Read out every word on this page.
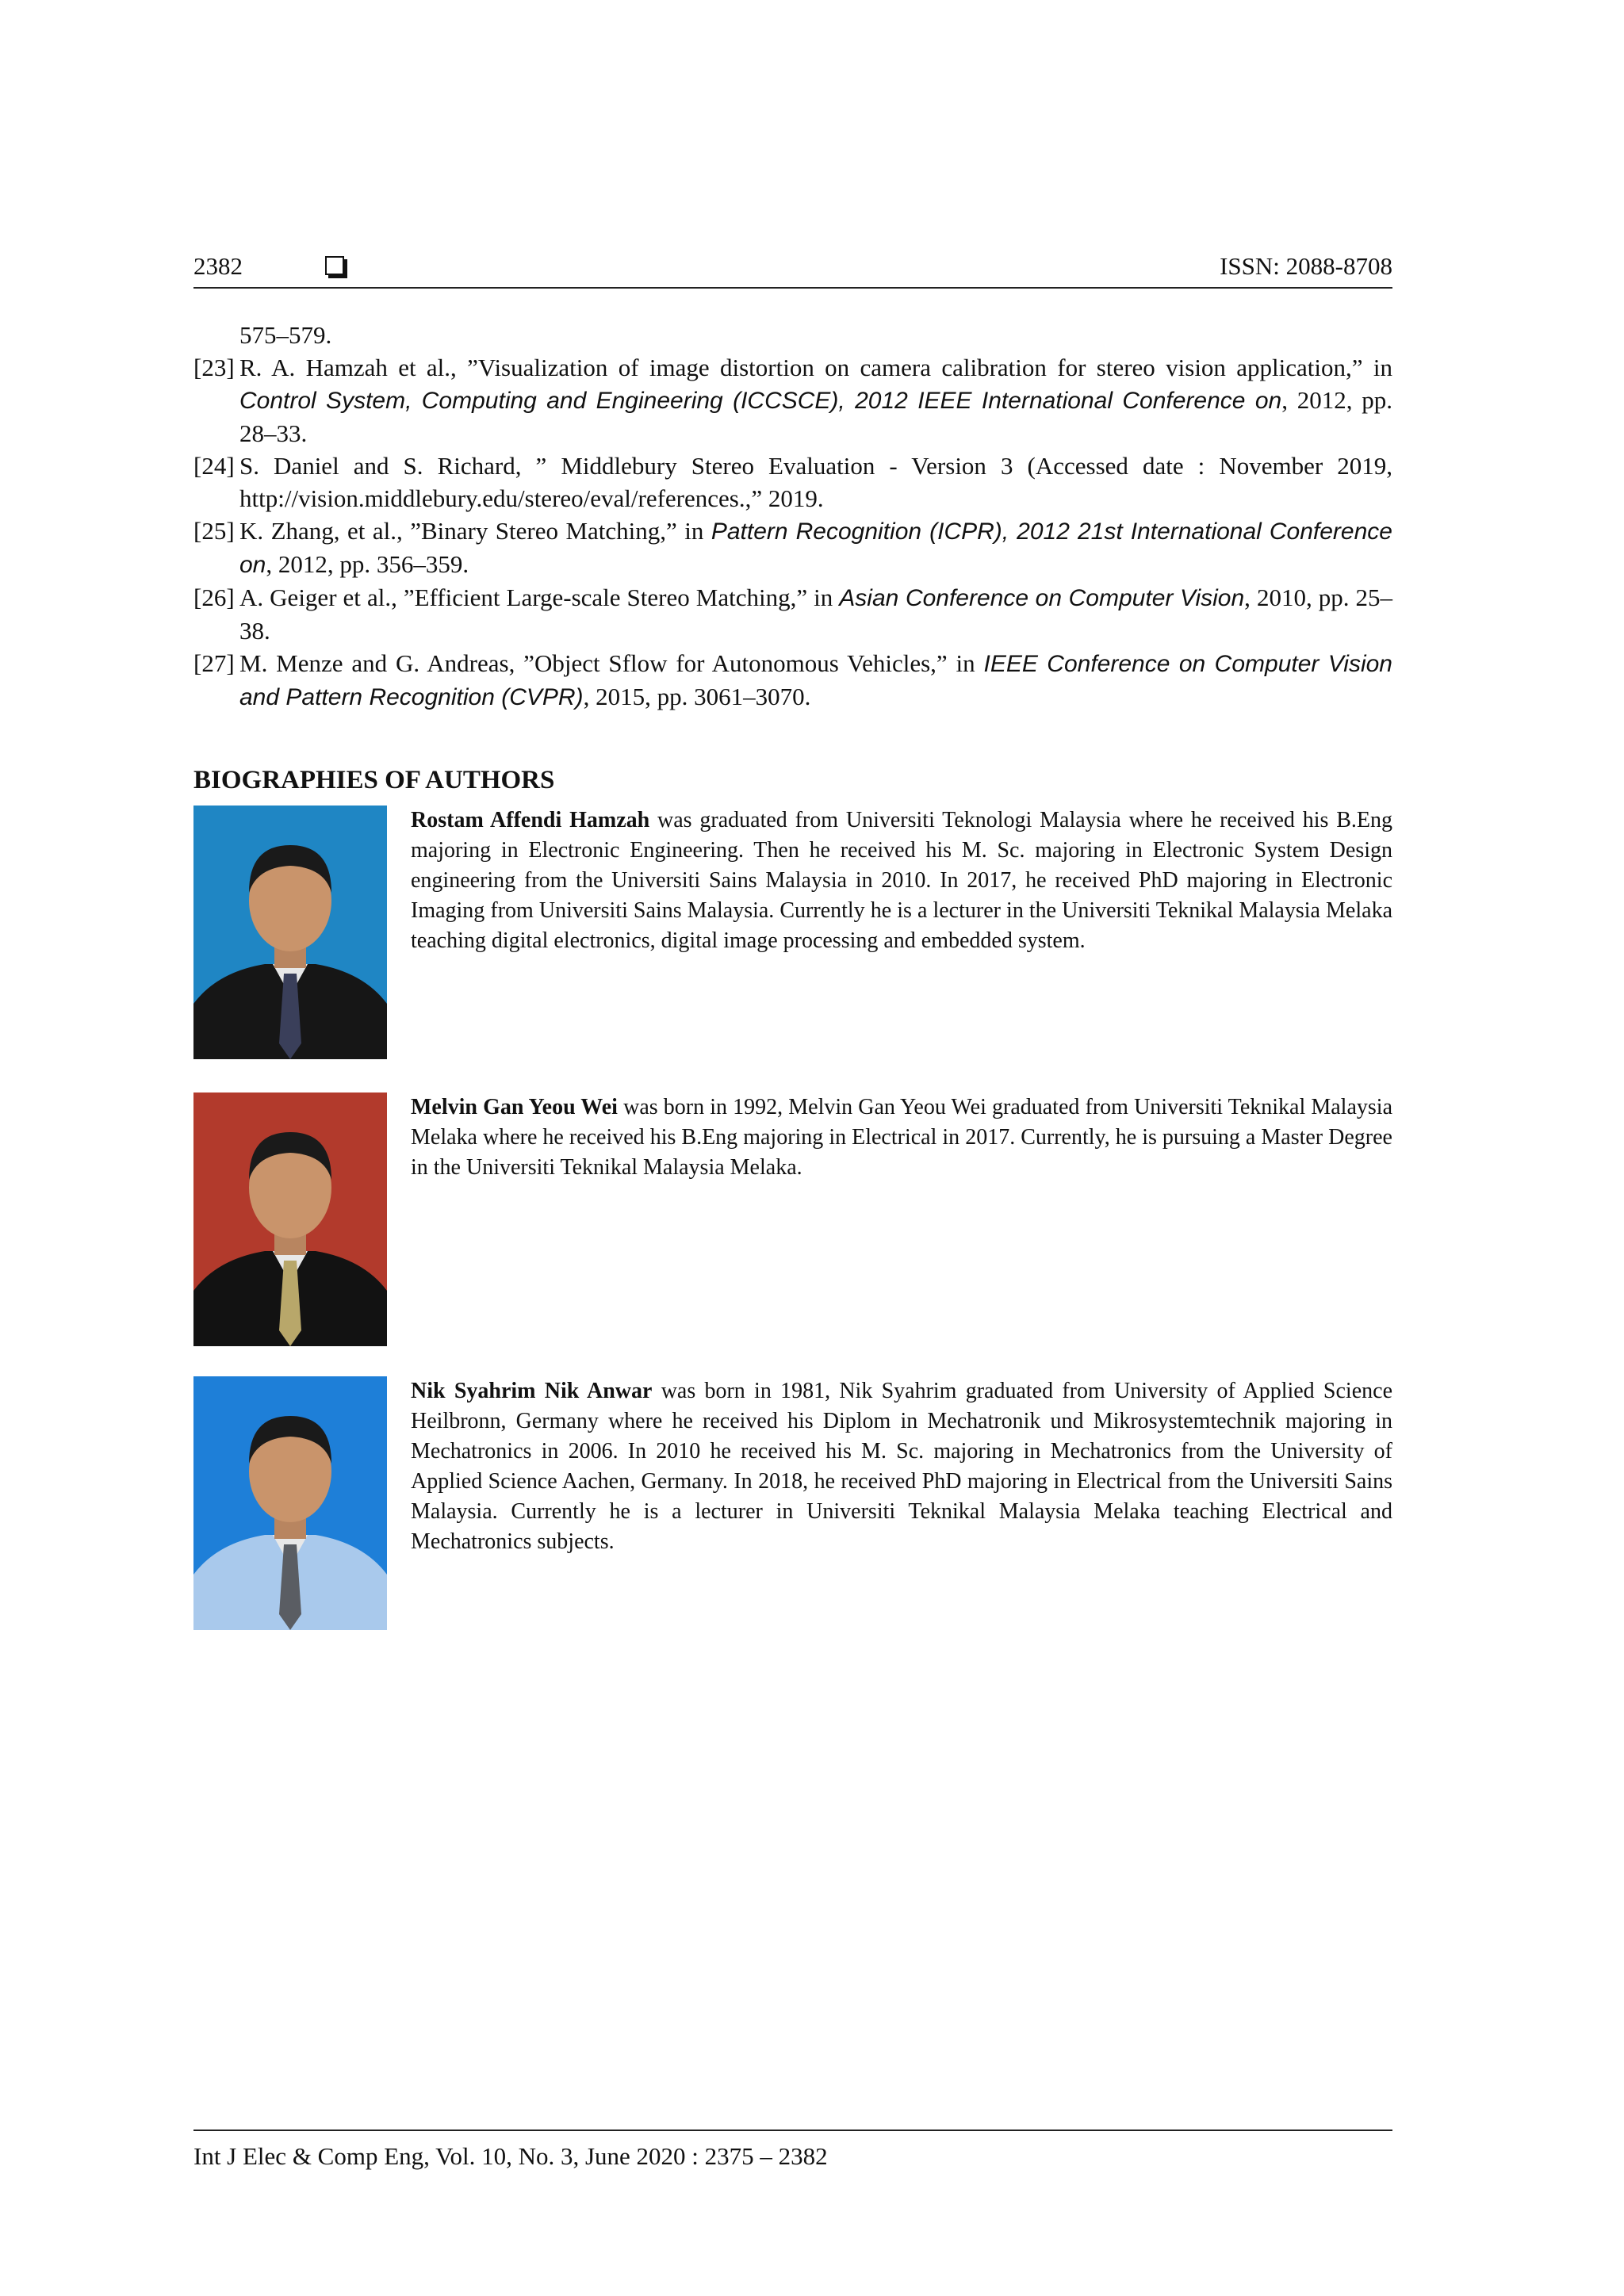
2382	ISSN: 2088-8708
575–579.
[23] R. A. Hamzah et al., ”Visualization of image distortion on camera calibration for stereo vision application,” in Control System, Computing and Engineering (ICCSCE), 2012 IEEE International Conference on, 2012, pp. 28–33.
[24] S. Daniel and S. Richard, ” Middlebury Stereo Evaluation - Version 3 (Accessed date : November 2019, http://vision.middlebury.edu/stereo/eval/references.,” 2019.
[25] K. Zhang, et al., ”Binary Stereo Matching,” in Pattern Recognition (ICPR), 2012 21st International Conference on, 2012, pp. 356–359.
[26] A. Geiger et al., ”Efficient Large-scale Stereo Matching,” in Asian Conference on Computer Vision, 2010, pp. 25–38.
[27] M. Menze and G. Andreas, ”Object Sflow for Autonomous Vehicles,” in IEEE Conference on Computer Vision and Pattern Recognition (CVPR), 2015, pp. 3061–3070.
BIOGRAPHIES OF AUTHORS
Rostam Affendi Hamzah was graduated from Universiti Teknologi Malaysia where he received his B.Eng majoring in Electronic Engineering. Then he received his M. Sc. majoring in Electronic System Design engineering from the Universiti Sains Malaysia in 2010. In 2017, he received PhD majoring in Electronic Imaging from Universiti Sains Malaysia. Currently he is a lecturer in the Universiti Teknikal Malaysia Melaka teaching digital electronics, digital image processing and embedded system.
Melvin Gan Yeou Wei was born in 1992, Melvin Gan Yeou Wei graduated from Universiti Teknikal Malaysia Melaka where he received his B.Eng majoring in Electrical in 2017. Currently, he is pursuing a Master Degree in the Universiti Teknikal Malaysia Melaka.
Nik Syahrim Nik Anwar was born in 1981, Nik Syahrim graduated from University of Applied Science Heilbronn, Germany where he received his Diplom in Mechatronik und Mikrosystemtechnik majoring in Mechatronics in 2006. In 2010 he received his M. Sc. majoring in Mechatronics from the University of Applied Science Aachen, Germany. In 2018, he received PhD majoring in Electrical from the Universiti Sains Malaysia. Currently he is a lecturer in Universiti Teknikal Malaysia Melaka teaching Electrical and Mechatronics subjects.
Int J Elec & Comp Eng, Vol. 10, No. 3, June 2020 : 2375 – 2382
